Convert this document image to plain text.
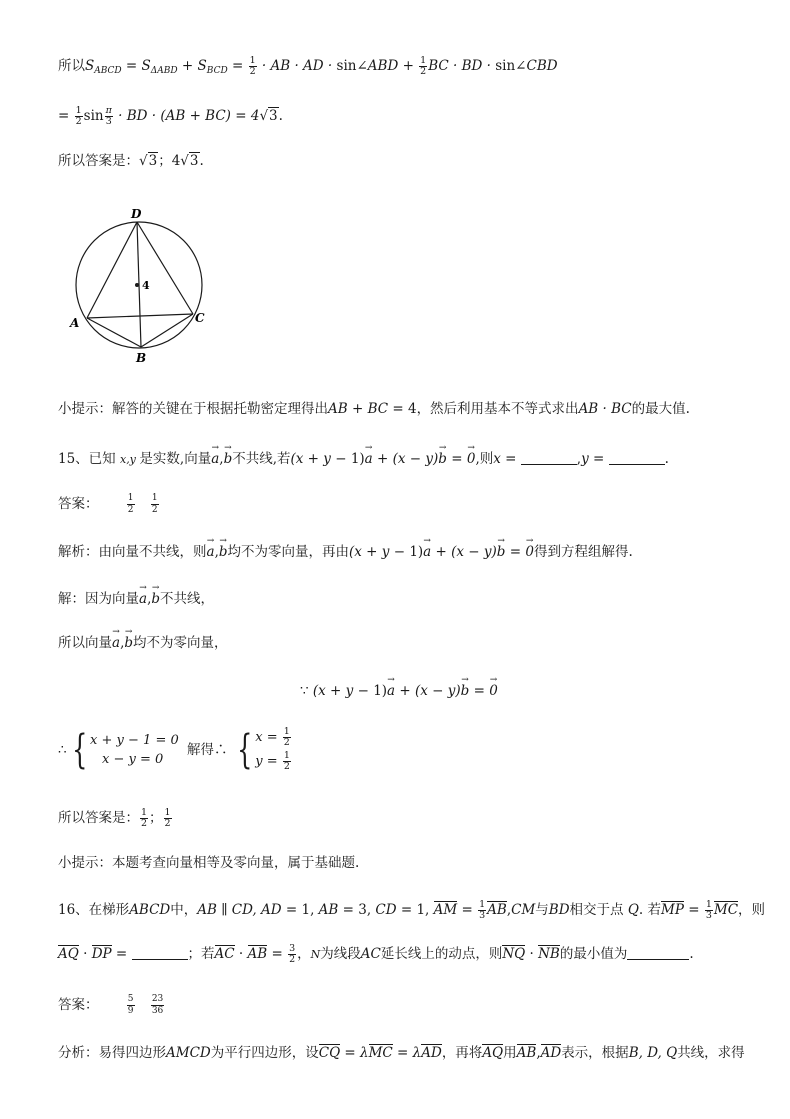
所以$S_{ABCD} = S_{\Delta ABD} + S_{BCD} = \frac{1}{2}$ · AB · AD · sin∠ABD + $\frac{1}{2}$ BC · BD · sin∠CBD
= $\frac{1}{2}$ $\sin \frac{\pi}{3}$ · BD · (AB + BC) = 4√3.
所以答案是：√3；4√3.
D
4
A	C
B
小提示：解答的关键在于根据托勒密定理得出AB + BC = 4，然后利用基本不等式求出AB · BC的最大值.
15、已知 x,y 是实数,向量→ a,→ b不共线,若(x + y − 1)→ a + (x − y)→ b = → 0,则x =	,y =	.
答案：	$\frac{1}{2}$
$\frac{1}{2}$
解析：由向量不共线，则→ a,→ b均不为零向量，再由(x + y − 1)→ a + (x − y)→ b = → 0得到方程组解得.
解：因为向量→ a,→ b不共线，
所以向量→ a,→ b均不为零向量，
∵ (x + y − 1)→ a + (x − y)→ b = → 0
∴ { x + y − 1 = 0
x − y = 0
解得∴ { $x = \frac{1}{2}$
$y = \frac{1}{2}$
所以答案是： $\frac{1}{2}$ ； $\frac{1}{2}$
小提示：本题考查向量相等及零向量，属于基础题.
16、在梯形ABCD中，AB ∥ CD, AD = 1, AB = 3, CD = 1, AM = $\frac{1}{3} AB,CM$与BD相交于点 Q. 若MP = $\frac{1}{3}$ MC，则
AQ · DP =	；若AC · AB = $\frac{3}{2}$ ，N为线段AC延长线上的动点，则NQ · NB的最小值为	.
答案：	$\frac{5}{9}$
$\frac{23}{36}$
分析：易得四边形AMCD为平行四边形，设CQ = λMC = λAD，再将AQ用AB,AD表示，根据B, D, Q共线，求得
